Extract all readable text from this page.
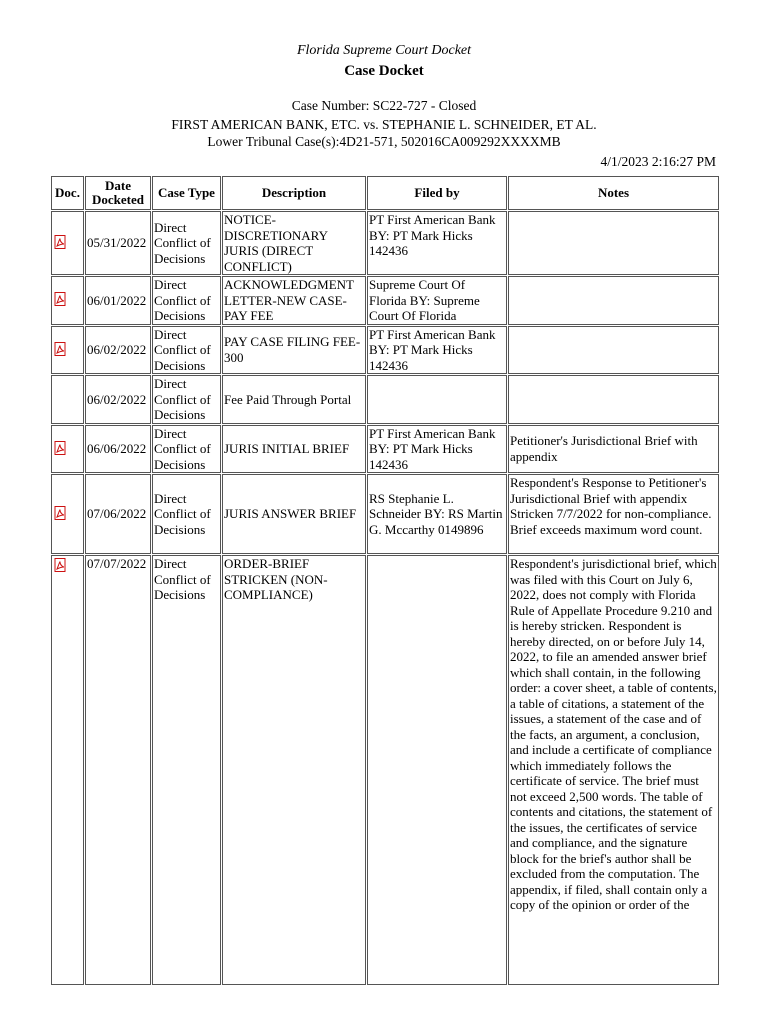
Florida Supreme Court Docket
Case Docket
Case Number: SC22-727 - Closed
FIRST AMERICAN BANK, ETC. vs. STEPHANIE L. SCHNEIDER, ET AL.
Lower Tribunal Case(s):4D21-571, 502016CA009292XXXXMB
4/1/2023 2:16:27 PM
Doc.	Date Docketed	Case Type	Description	Filed by	Notes
	05/31/2022	Direct Conflict of Decisions	NOTICE-DISCRETIONARY JURIS (DIRECT CONFLICT)	PT First American Bank BY: PT Mark Hicks 142436	
	06/01/2022	Direct Conflict of Decisions	ACKNOWLEDGMENT LETTER-NEW CASE-PAY FEE	Supreme Court Of Florida BY: Supreme Court Of Florida	
	06/02/2022	Direct Conflict of Decisions	PAY CASE FILING FEE-300	PT First American Bank BY: PT Mark Hicks 142436	
	06/02/2022	Direct Conflict of Decisions	Fee Paid Through Portal		
	06/06/2022	Direct Conflict of Decisions	JURIS INITIAL BRIEF	PT First American Bank BY: PT Mark Hicks 142436	Petitioner's Jurisdictional Brief with appendix
	07/06/2022	Direct Conflict of Decisions	JURIS ANSWER BRIEF	RS Stephanie L. Schneider BY: RS Martin G. Mccarthy 0149896	Respondent's Response to Petitioner's Jurisdictional Brief with appendix Stricken 7/7/2022 for non-compliance. Brief exceeds maximum word count.
	07/07/2022	Direct Conflict of Decisions	ORDER-BRIEF STRICKEN (NON-COMPLIANCE)		Respondent's jurisdictional brief, which was filed with this Court on July 6, 2022, does not comply with Florida Rule of Appellate Procedure 9.210 and is hereby stricken. Respondent is hereby directed, on or before July 14, 2022, to file an amended answer brief which shall contain, in the following order: a cover sheet, a table of contents, a table of citations, a statement of the issues, a statement of the case and of the facts, an argument, a conclusion, and include a certificate of compliance which immediately follows the certificate of service. The brief must not exceed 2,500 words. The table of contents and citations, the statement of the issues, the certificates of service and compliance, and the signature block for the brief's author shall be excluded from the computation. The appendix, if filed, shall contain only a copy of the opinion or order of the
